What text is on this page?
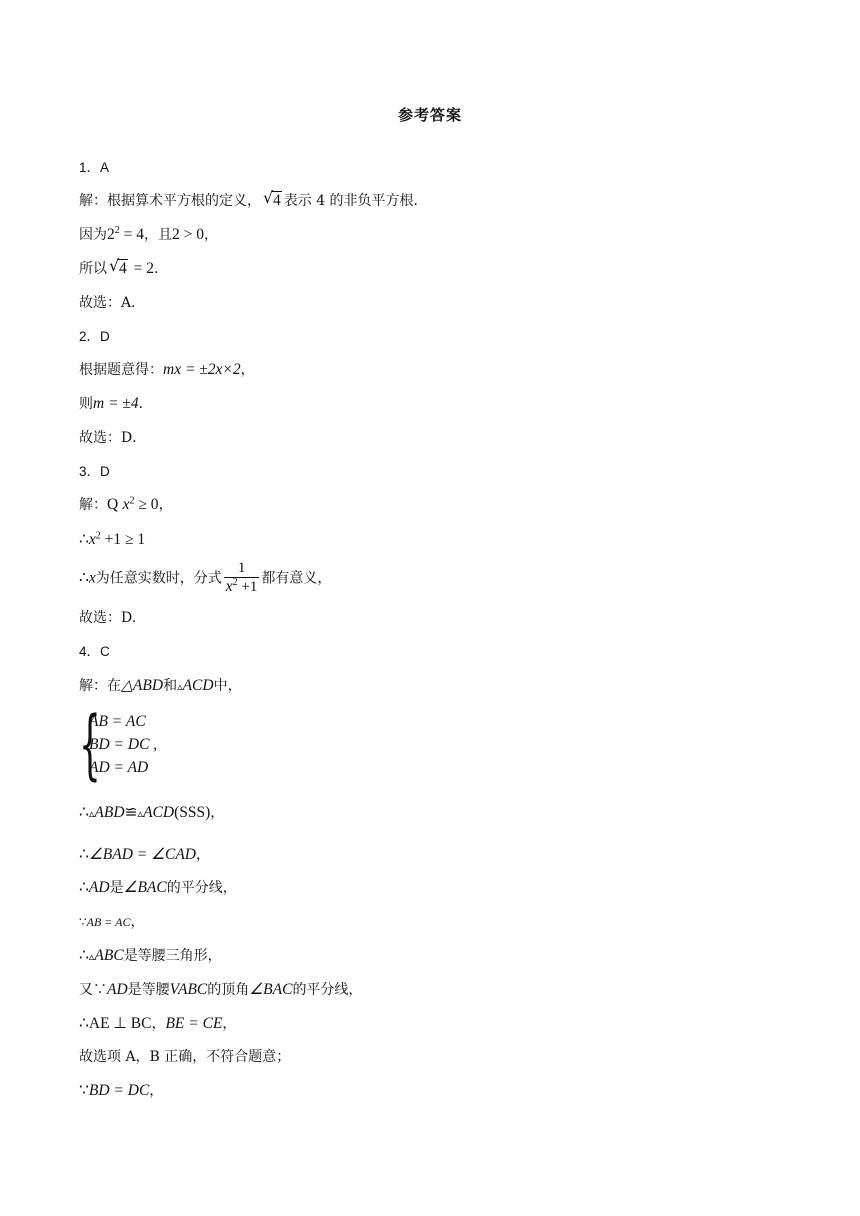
参考答案
1．A
解：根据算术平方根的定义， √ 4 表示 4 的非负平方根．
因为$2^2 = 4$，且2 > 0，
所以 √ 4 = 2．
故选：A．
2．D
根据题意得：mx = ±2x×2，
则m = ±4．
故选：D．
3．D
解：Q $x^2 \ge 0$，
$\therefore x^2 +1 \ge 1$
∴x为任意实数时，分式 $\frac{1}{x^2 +1}$ 都有意义，
故选：D.
4．C
解：在△ABD和▵ACD中，
{
AB = AC
BD = DC ,
AD = AD
∴▵ABD≌▵ACD(SSS)，
∴∠BAD = ∠CAD，
∴AD是∠BAC的平分线，
∵AB = AC，
∴▵ABC是等腰三角形，
又∵AD是等腰VABC的顶角∠BAC的平分线，
∴AE ⊥ BC，BE = CE，
故选项 A，B 正确，不符合题意；
∵BD = DC，
